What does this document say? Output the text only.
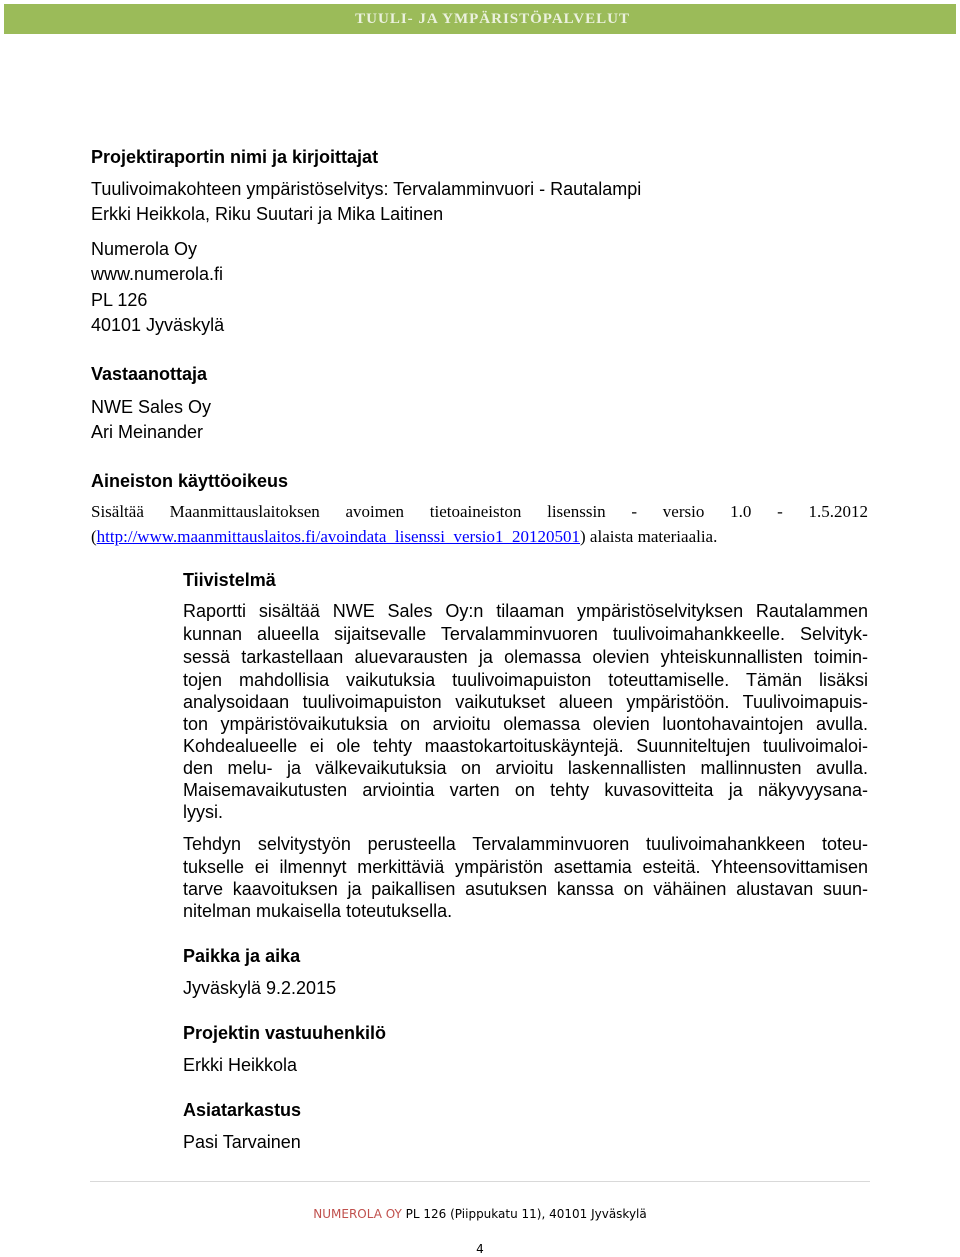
TUULI- JA YMPÄRISTÖPALVELUT
Projektiraportin nimi ja kirjoittajat
Tuulivoimakohteen ympäristöselvitys: Tervalamminvuori - Rautalampi
Erkki Heikkola, Riku Suutari ja Mika Laitinen
Numerola Oy
www.numerola.fi
PL 126
40101 Jyväskylä
Vastaanottaja
NWE Sales Oy
Ari Meinander
Aineiston käyttöoikeus
Sisältää Maanmittauslaitoksen avoimen tietoaineiston lisenssin - versio 1.0 - 1.5.2012
(http://www.maanmittauslaitos.fi/avoindata_lisenssi_versio1_20120501) alaista materiaalia.
Tiivistelmä
Raportti sisältää NWE Sales Oy:n tilaaman ympäristöselvityksen Rautalammen
kunnan alueella sijaitsevalle Tervalamminvuoren tuulivoimahankkeelle. Selvityk-
sessä tarkastellaan aluevarausten ja olemassa olevien yhteiskunnallisten toimin-
tojen mahdollisia vaikutuksia tuulivoimapuiston toteuttamiselle. Tämän lisäksi
analysoidaan tuulivoimapuiston vaikutukset alueen ympäristöön. Tuulivoimapuis-
ton ympäristövaikutuksia on arvioitu olemassa olevien luontohavaintojen avulla.
Kohdealueelle ei ole tehty maastokartoituskäyntejä. Suunniteltujen tuulivoimaloi-
den melu- ja välkevaikutuksia on arvioitu laskennallisten mallinnusten avulla.
Maisemavaikutusten arviointia varten on tehty kuvasovitteita ja näkyvyysana-
lyysi.
Tehdyn selvitystyön perusteella Tervalamminvuoren tuulivoimahankkeen toteu-
tukselle ei ilmennyt merkittäviä ympäristön asettamia esteitä. Yhteensovittamisen
tarve kaavoituksen ja paikallisen asutuksen kanssa on vähäinen alustavan suun-
nitelman mukaisella toteutuksella.
Paikka ja aika
Jyväskylä 9.2.2015
Projektin vastuuhenkilö
Erkki Heikkola
Asiatarkastus
Pasi Tarvainen
NUMEROLA OY PL 126 (Piippukatu 11), 40101 Jyväskylä
4
